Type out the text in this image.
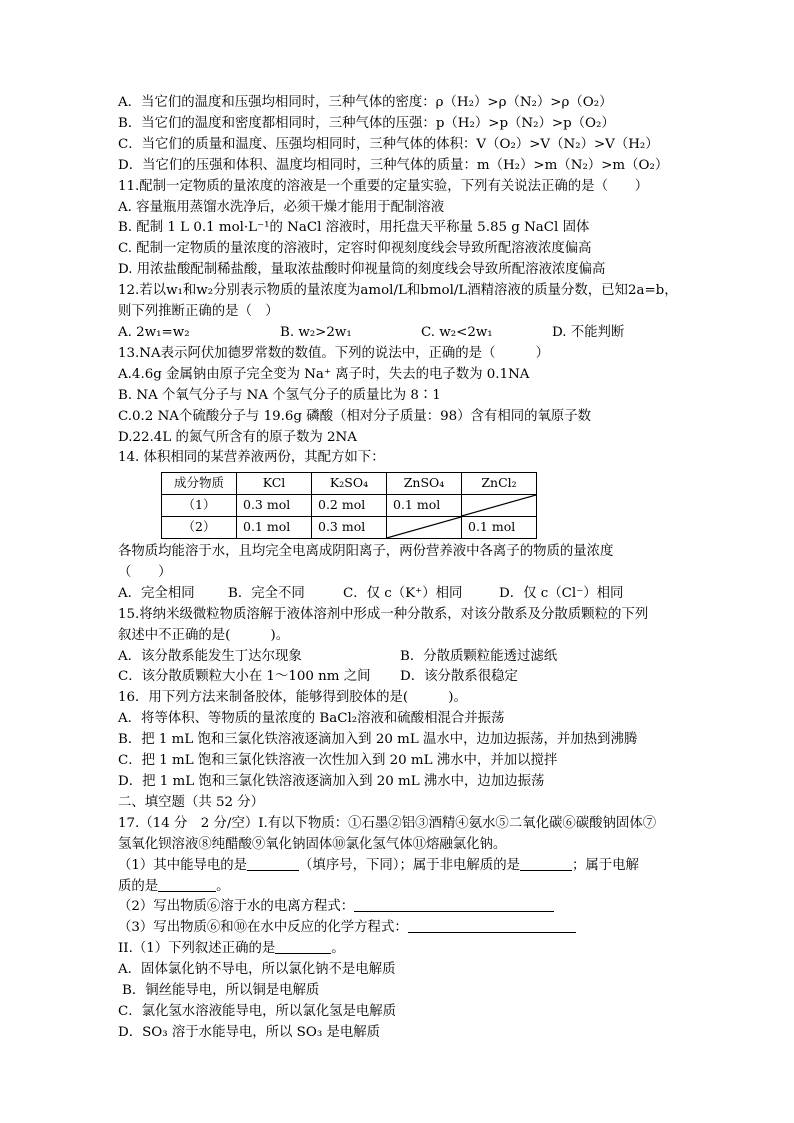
A．当它们的温度和压强均相同时，三种气体的密度：ρ（H₂）>ρ（N₂）>ρ（O₂）
B．当它们的温度和密度都相同时，三种气体的压强：p（H₂）>p（N₂）>p（O₂）
C．当它们的质量和温度、压强均相同时，三种气体的体积：V（O₂）>V（N₂）>V（H₂）
D．当它们的压强和体积、温度均相同时，三种气体的质量：m（H₂）>m（N₂）>m（O₂）
11.配制一定物质的量浓度的溶液是一个重要的定量实验，下列有关说法正确的是（　　）
A. 容量瓶用蒸馏水洗净后，必须干燥才能用于配制溶液
B. 配制 1 L 0.1 mol·L⁻¹的 NaCl 溶液时，用托盘天平称量 5.85 g NaCl 固体
C. 配制一定物质的量浓度的溶液时，定容时仰视刻度线会导致所配溶液浓度偏高
D. 用浓盐酸配制稀盐酸，量取浓盐酸时仰视量筒的刻度线会导致所配溶液浓度偏高
12.若以w₁和w₂分别表示物质的量浓度为amol/L和bmol/L酒精溶液的质量分数，已知2a=b，
则下列推断正确的是（　）
A. 2w₁=w₂	B. w₂>2w₁	C. w₂<2w₁	D. 不能判断
13.NA表示阿伏加德罗常数的数值。下列的说法中，正确的是（　　　）
A.4.6g 金属钠由原子完全变为 Na⁺ 离子时，失去的电子数为 0.1NA
B. NA 个氧气分子与 NA 个氢气分子的质量比为 8∶1
C.0.2 NA个硫酸分子与 19.6g 磷酸（相对分子质量：98）含有相同的氧原子数
D.22.4L 的氮气所含有的原子数为 2NA
14. 体积相同的某营养液两份，其配方如下：
成分物质	KCl	K₂SO₄	ZnSO₄	ZnCl₂
（1）	0.3 mol	0.2 mol	0.1 mol	

（2）	0.1 mol	0.3 mol		0.1 mol
各物质均能溶于水，且均完全电离成阴阳离子，两份营养液中各离子的物质的量浓度
（　　）
A．完全相同	B．完全不同	C．仅 c（K⁺）相同	D．仅 c（Cl⁻）相同
15.将纳米级微粒物质溶解于液体溶剂中形成一种分散系，对该分散系及分散质颗粒的下列
叙述中不正确的是(　　　)。
A．该分散系能发生丁达尔现象	B．分散质颗粒能透过滤纸
C．该分散质颗粒大小在 1～100 nm 之间	D．该分散系很稳定
16．用下列方法来制备胶体，能够得到胶体的是(　　　)。
A．将等体积、等物质的量浓度的 BaCl₂溶液和硫酸相混合并振荡
B．把 1 mL 饱和三氯化铁溶液逐滴加入到 20 mL 温水中，边加边振荡，并加热到沸腾
C．把 1 mL 饱和三氯化铁溶液一次性加入到 20 mL 沸水中，并加以搅拌
D．把 1 mL 饱和三氯化铁溶液逐滴加入到 20 mL 沸水中，边加边振荡
二、填空题（共 52 分）
17.（14 分　2 分/空）I.有以下物质：①石墨②铝③酒精④氨水⑤二氧化碳⑥碳酸钠固体⑦
氢氧化钡溶液⑧纯醋酸⑨氧化钠固体⑩氯化氢气体⑪熔融氯化钠。
（1）其中能导电的是	（填序号，下同）；属于非电解质的是	；属于电解
质的是	。
（2）写出物质⑥溶于水的电离方程式：
（3）写出物质⑥和⑩在水中反应的化学方程式：
II.（1）下列叙述正确的是	。
A．固体氯化钠不导电，所以氯化钠不是电解质
B．铜丝能导电，所以铜是电解质
C．氯化氢水溶液能导电，所以氯化氢是电解质
D．SO₃ 溶于水能导电，所以 SO₃ 是电解质
